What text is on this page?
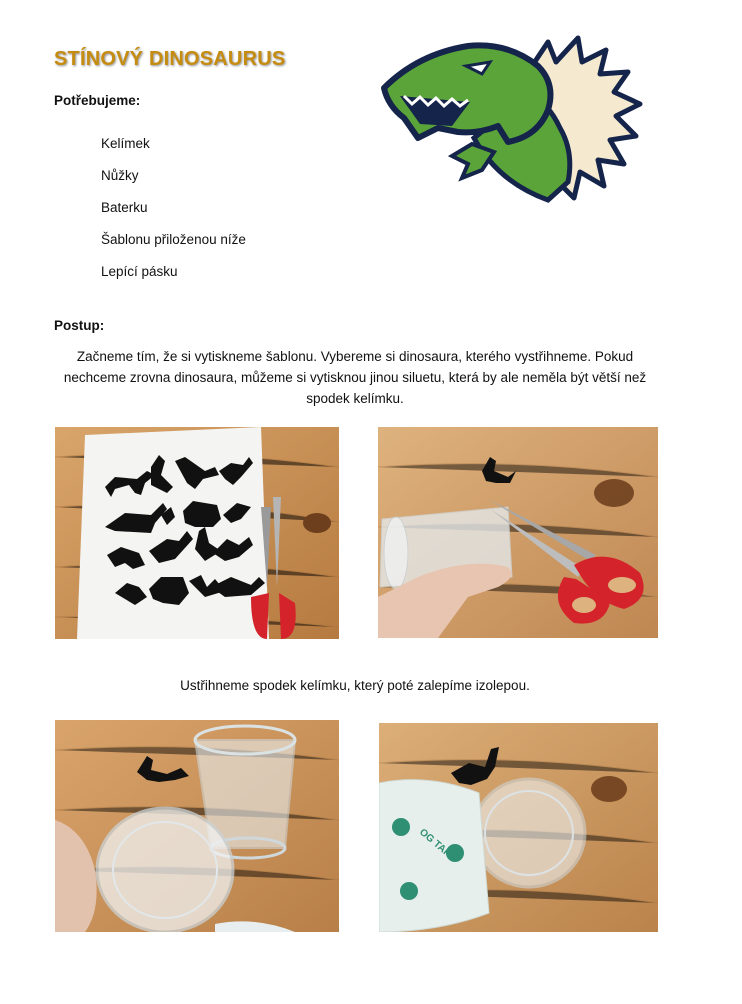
STÍNOVÝ DINOSAURUS
Potřebujeme:
Kelímek
Nůžky
Baterku
Šablonu přiloženou níže
Lepící pásku
Postup:
Začneme tím, že si vytiskneme šablonu. Vybereme si dinosaura, kterého vystřihneme. Pokud nechceme zrovna dinosaura, můžeme si vytisknou jinou siluetu, která by ale neměla být větší než spodek kelímku.
Ustřihneme spodek kelímku, který poté zalepíme izolepou.
OG TAPE
